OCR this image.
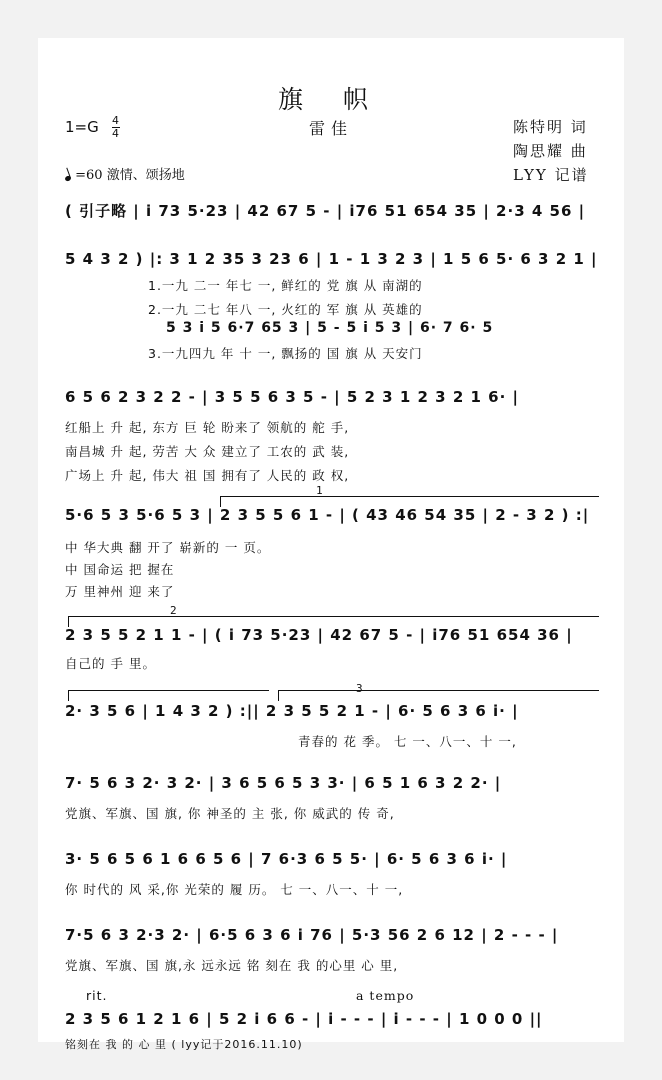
旗 帜
雷佳
$1=G \frac{4}{4}$	陈特明 词
陶思耀 曲
LYY 记谱
=60 激情、颂扬地
( 引子略 | i 73 5·23 | 42 67 5 - | i76 51 654 35 | 2·3 4 56 |
5 4 3 2 ) |: 3 1 2 35 3 23 6 | 1 - 1 3 2 3 | 1 5 6 5· 6 3 2 1 |
1.一九 二一 年七 一, 鲜红的 党 旗 从 南湖的
2.一九 二七 年八 一, 火红的 军 旗 从 英雄的
5 3 i 5 6·7 65 3 | 5 - 5 i 5 3 | 6· 7 6· 5
3.一九四九 年 十 一, 飘扬的 国 旗 从 天安门
6 5 6 2 3 2 2 - | 3 5 5 6 3 5 - | 5 2 3 1 2 3 2 1 6· |
红船上 升 起, 东方 巨 轮 盼来了 领航的 舵 手,
南昌城 升 起, 劳苦 大 众 建立了 工农的 武 装,
广场上 升 起, 伟大 祖 国 拥有了 人民的 政 权,
1
5·6 5 3 5·6 5 3 | 2 3 5 5 6 1 - | ( 43 46 54 35 | 2 - 3 2 ) :|
中 华大典 翻 开了 崭新的 一 页。
中 国命运 把 握在
万 里神州 迎 来了
2
2 3 5 5 2 1 1 - | ( i 73 5·23 | 42 67 5 - | i76 51 654 36 |
自己的 手 里。
3
2· 3 5 6 | 1 4 3 2 ) :|| 2 3 5 5 2 1 - | 6· 5 6 3 6 i· |
青春的 花 季。 七 一、八一、十 一,
7· 5 6 3 2· 3 2· | 3 6 5 6 5 3 3· | 6 5 1 6 3 2 2· |
党旗、军旗、国 旗, 你 神圣的 主 张, 你 威武的 传 奇,
3· 5 6 5 6 1 6 6 5 6 | 7 6·3 6 5 5· | 6· 5 6 3 6 i· |
你 时代的 风 采,你 光荣的 履 历。 七 一、八一、十 一,
7·5 6 3 2·3 2· | 6·5 6 3 6 i 76 | 5·3 56 2 6 12 | 2 - - - |
党旗、军旗、国 旗,永 远永远 铭 刻在 我 的心里 心 里,
rit.	a tempo
2 3 5 6 1 2 1 6 | 5 2 i 6 6 - | i - - - | i - - - | 1 0 0 0 ||
铭刻在 我 的 心 里 ( lyy记于2016.11.10)
